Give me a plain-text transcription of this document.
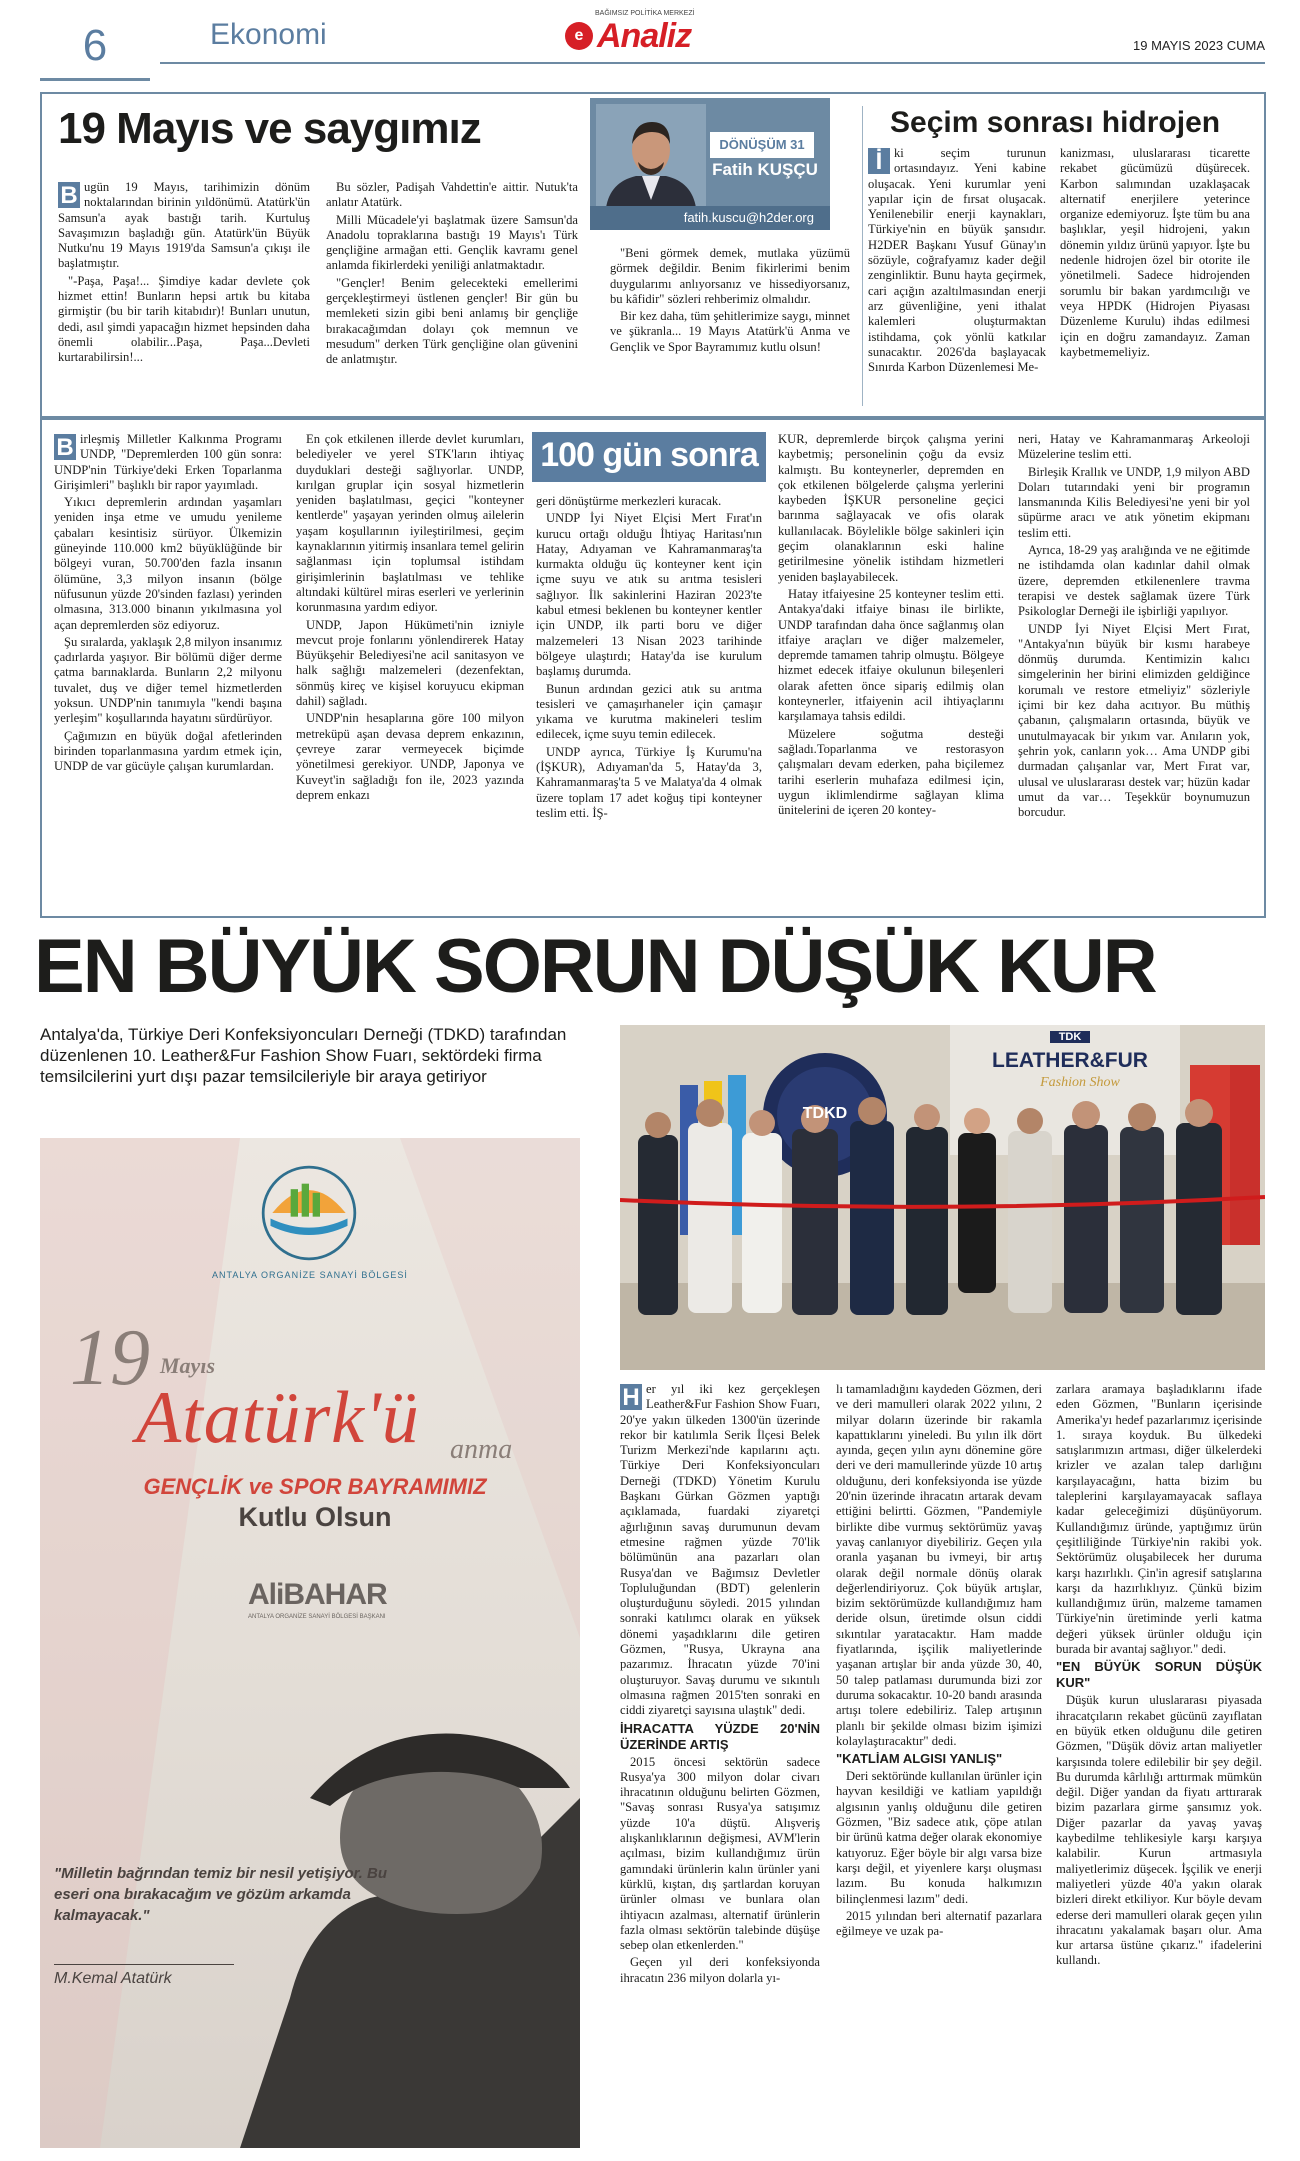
6	Ekonomi	e Analiz
BAĞIMSIZ POLİTİKA MERKEZİ
19 MAYIS 2023 CUMA
19 Mayıs ve saygımız

B ugün 19 Mayıs, tarihimizin dönüm noktalarından birinin yıldönümü. Atatürk'ün Samsun'a ayak bastığı tarih. Kurtuluş Savaşımızın başladığı gün. Atatürk'ün Büyük Nutku'nu 19 Mayıs 1919'da Samsun'a çıkışı ile başlatmıştır.

"-Paşa, Paşa!... Şimdiye kadar devlete çok hizmet ettin! Bunların hepsi artık bu kitaba girmiştir (bu bir tarih kitabıdır)! Bunları unutun, dedi, asıl şimdi yapacağın hizmet hepsinden daha önemli olabilir...Paşa, Paşa...Devleti kurtarabilirsin!...

Bu sözler, Padişah Vahdettin'e aittir. Nutuk'ta anlatır Atatürk.

Milli Mücadele'yi başlatmak üzere Samsun'da Anadolu topraklarına bastığı 19 Mayıs'ı Türk gençliğine armağan etti. Gençlik kavramı genel anlamda fikirlerdeki yeniliği anlatmaktadır.

"Gençler! Benim gelecekteki emellerimi gerçekleştirmeyi üstlenen gençler! Bir gün bu memleketi sizin gibi beni anlamış bir gençliğe bırakacağımdan dolayı çok memnun ve mesudum" derken Türk gençliğine olan güvenini de anlatmıştır.

DÖNÜŞÜM 31
Fatih KUŞÇU
fatih.kuscu@h2der.org

"Beni görmek demek, mutlaka yüzümü görmek değildir. Benim fikirlerimi benim duygularımı anlıyorsanız ve hissediyorsanız, bu kâfidir" sözleri rehberimiz olmalıdır.

Bir kez daha, tüm şehitlerimize saygı, minnet ve şükranla... 19 Mayıs Atatürk'ü Anma ve Gençlik ve Spor Bayramımız kutlu olsun!

Seçim sonrası hidrojen

İ ki seçim turunun ortasındayız. Yeni kabine oluşacak. Yeni kurumlar yeni yapılar için de fırsat oluşacak. Yenilenebilir enerji kaynakları, Türkiye'nin en büyük şansıdır. H2DER Başkanı Yusuf Günay'ın sözüyle, coğrafyamız kader değil zenginliktir. Bunu hayta geçirmek, cari açığın azaltılmasından enerji arz güvenliğine, yeni ithalat kalemleri oluşturmaktan istihdama, çok yönlü katkılar sunacaktır. 2026'da başlayacak Sınırda Karbon Düzenlemesi Me-

kanizması, uluslararası ticarette rekabet gücümüzü düşürecek. Karbon salımından uzaklaşacak alternatif enerjilere yeterince organize edemiyoruz. İşte tüm bu ana başlıklar, yeşil hidrojeni, yakın dönemin yıldız ürünü yapıyor. İşte bu nedenle hidrojen özel bir otorite ile yönetilmeli. Sadece hidrojenden sorumlu bir bakan yardımcılığı ve veya HPDK (Hidrojen Piyasası Düzenleme Kurulu) ihdas edilmesi için en doğru zamandayız. Zaman kaybetmemeliyiz.

B irleşmiş Milletler Kalkınma Programı UNDP, "Depremlerden 100 gün sonra: UNDP'nin Türkiye'deki Erken Toparlanma Girişimleri" başlıklı bir rapor yayımladı.

Yıkıcı depremlerin ardından yaşamları yeniden inşa etme ve umudu yenileme çabaları kesintisiz sürüyor. Ülkemizin güneyinde 110.000 km2 büyüklüğünde bir bölgeyi vuran, 50.700'den fazla insanın ölümüne, 3,3 milyon insanın (bölge nüfusunun yüzde 20'sinden fazlası) yerinden olmasına, 313.000 binanın yıkılmasına yol açan depremlerden söz ediyoruz.

Şu sıralarda, yaklaşık 2,8 milyon insanımız çadırlarda yaşıyor. Bir bölümü diğer derme çatma barınaklarda. Bunların 2,2 milyonu tuvalet, duş ve diğer temel hizmetlerden yoksun. UNDP'nin tanımıyla "kendi başına yerleşim" koşullarında hayatını sürdürüyor.

Çağımızın en büyük doğal afetlerinden birinden toparlanmasına yardım etmek için, UNDP de var gücüyle çalışan kurumlardan.

En çok etkilenen illerde devlet kurumları, belediyeler ve yerel STK'ların ihtiyaç duyduklari desteği sağlıyorlar. UNDP, kırılgan gruplar için sosyal hizmetlerin yeniden başlatılması, geçici "konteyner kentlerde" yaşayan yerinden olmuş ailelerin yaşam koşullarının iyileştirilmesi, geçim kaynaklarının yitirmiş insanlara temel gelirin sağlanması için toplumsal istihdam girişimlerinin başlatılması ve tehlike altındaki kültürel miras eserleri ve yerlerinin korunmasına yardım ediyor.

UNDP, Japon Hükümeti'nin izniyle mevcut proje fonlarını yönlendirerek Hatay Büyükşehir Belediyesi'ne acil sanitasyon ve halk sağlığı malzemeleri (dezenfektan, sönmüş kireç ve kişisel koruyucu ekipman dahil) sağladı.

UNDP'nin hesaplarına göre 100 milyon metreküpü aşan devasa deprem enkazının, çevreye zarar vermeyecek biçimde yönetilmesi gerekiyor. UNDP, Japonya ve Kuveyt'in sağladığı fon ile, 2023 yazında deprem enkazı

100 gün sonra

geri dönüştürme merkezleri kuracak.

UNDP İyi Niyet Elçisi Mert Fırat'ın kurucu ortağı olduğu İhtiyaç Haritası'nın Hatay, Adıyaman ve Kahramanmaraş'ta kurmakta olduğu üç konteyner kent için içme suyu ve atık su arıtma tesisleri sağlıyor. İlk sakinlerini Haziran 2023'te kabul etmesi beklenen bu konteyner kentler için UNDP, ilk parti boru ve diğer malzemeleri 13 Nisan 2023 tarihinde bölgeye ulaştırdı; Hatay'da ise kurulum başlamış durumda.

Bunun ardından gezici atık su arıtma tesisleri ve çamaşırhaneler için çamaşır yıkama ve kurutma makineleri teslim edilecek, içme suyu temin edilecek.

UNDP ayrıca, Türkiye İş Kurumu'na (İŞKUR), Adıyaman'da 5, Hatay'da 3, Kahramanmaraş'ta 5 ve Malatya'da 4 olmak üzere toplam 17 adet koğuş tipi konteyner teslim etti. İŞ-

KUR, depremlerde birçok çalışma yerini kaybetmiş; personelinin çoğu da evsiz kalmıştı. Bu konteynerler, depremden en çok etkilenen bölgelerde çalışma yerlerini kaybeden İŞKUR personeline geçici barınma sağlayacak ve ofis olarak kullanılacak. Böylelikle bölge sakinleri için geçim olanaklarının eski haline getirilmesine yönelik istihdam hizmetleri yeniden başlayabilecek.

Hatay itfaiyesine 25 konteyner teslim etti. Antakya'daki itfaiye binası ile birlikte, UNDP tarafından daha önce sağlanmış olan itfaiye araçları ve diğer malzemeler, depremde tamamen tahrip olmuştu. Bölgeye hizmet edecek itfaiye okulunun bileşenleri olarak afetten önce sipariş edilmiş olan konteynerler, itfaiyenin acil ihtiyaçlarını karşılamaya tahsis edildi.

Müzelere soğutma desteği sağladı.Toparlanma ve restorasyon çalışmaları devam ederken, paha biçilemez tarihi eserlerin muhafaza edilmesi için, uygun iklimlendirme sağlayan klima ünitelerini de içeren 20 kontey-

neri, Hatay ve Kahramanmaraş Arkeoloji Müzelerine teslim etti.

Birleşik Krallık ve UNDP, 1,9 milyon ABD Doları tutarındaki yeni bir programın lansmanında Kilis Belediyesi'ne yeni bir yol süpürme aracı ve atık yönetim ekipmanı teslim etti.

Ayrıca, 18-29 yaş aralığında ve ne eğitimde ne istihdamda olan kadınlar dahil olmak üzere, depremden etkilenenlere travma terapisi ve destek sağlamak üzere Türk Psikologlar Derneği ile işbirliği yapılıyor.

UNDP İyi Niyet Elçisi Mert Fırat, "Antakya'nın büyük bir kısmı harabeye dönmüş durumda. Kentimizin kalıcı simgelerinin her birini elimizden geldiğince korumalı ve restore etmeliyiz" sözleriyle içimi bir kez daha acıtıyor. Bu müthiş çabanın, çalışmaların ortasında, büyük ve unutulmayacak bir yıkım var. Anıların yok, şehrin yok, canların yok… Ama UNDP gibi durmadan çalışanlar var, Mert Fırat var, ulusal ve uluslararası destek var; hüzün kadar umut da var… Teşekkür boynumuzun borcudur.

EN BÜYÜK SORUN DÜŞÜK KUR
Antalya'da, Türkiye Deri Konfeksiyoncuları Derneği (TDKD) tarafından düzenlenen 10. Leather&Fur Fashion Show Fuarı, sektördeki firma temsilcilerini yurt dışı pazar temsilcileriyle bir araya getiriyor
TDK
LEATHER&FUR
Fashion Show
TDKD
ANTALYA ORGANİZE SANAYİ BÖLGESİ
19 Mayıs
Atatürk'ü anma
GENÇLİK ve SPOR BAYRAMIMIZ
Kutlu Olsun
AliBAHAR
ANTALYA ORGANİZE SANAYİ BÖLGESİ BAŞKANI
"Milletin bağrından temiz bir nesil yetişiyor. Bu eseri ona bırakacağım ve gözüm arkamda kalmayacak."
M.Kemal Atatürk

H er yıl iki kez gerçekleşen Leather&Fur Fashion Show Fuarı, 20'ye yakın ülkeden 1300'ün üzerinde rekor bir katılımla Serik İlçesi Belek Turizm Merkezi'nde kapılarını açtı. Türkiye Deri Konfeksiyoncuları Derneği (TDKD) Yönetim Kurulu Başkanı Gürkan Gözmen yaptığı açıklamada, fuardaki ziyaretçi ağırlığının savaş durumunun devam etmesine rağmen yüzde 70'lik bölümünün ana pazarları olan Rusya'dan ve Bağımsız Devletler Topluluğundan (BDT) gelenlerin oluşturduğunu söyledi. 2015 yılından sonraki katılımcı olarak en yüksek dönemi yaşadıklarını dile getiren Gözmen, "Rusya, Ukrayna ana pazarımız. İhracatın yüzde 70'ini oluşturuyor. Savaş durumu ve sıkıntılı olmasına rağmen 2015'ten sonraki en ciddi ziyaretçi sayısına ulaştık" dedi.

İHRACATTA YÜZDE 20'NİN ÜZERİNDE ARTIŞ

2015 öncesi sektörün sadece Rusya'ya 300 milyon dolar civarı ihracatının olduğunu belirten Gözmen, "Savaş sonrası Rusya'ya satışımız yüzde 10'a düştü. Alışveriş alışkanlıklarının değişmesi, AVM'lerin açılması, bizim kullandığımız ürün gamındaki ürünlerin kalın ürünler yani kürklü, kıştan, dış şartlardan koruyan ürünler olması ve bunlara olan ihtiyacın azalması, alternatif ürünlerin fazla olması sektörün talebinde düşüşe sebep olan etkenlerden."

Geçen yıl deri konfeksiyonda ihracatın 236 milyon dolarla yı-

lı tamamladığını kaydeden Gözmen, deri ve deri mamulleri olarak 2022 yılını, 2 milyar doların üzerinde bir rakamla kapattıklarını yineledi. Bu yılın ilk dört ayında, geçen yılın aynı dönemine göre deri ve deri mamullerinde yüzde 10 artış olduğunu, deri konfeksiyonda ise yüzde 20'nin üzerinde ihracatın artarak devam ettiğini belirtti. Gözmen, "Pandemiyle birlikte dibe vurmuş sektörümüz yavaş yavaş canlanıyor diyebiliriz. Geçen yıla oranla yaşanan bu ivmeyi, bir artış olarak değil normale dönüş olarak değerlendiriyoruz. Çok büyük artışlar, bizim sektörümüzde kullandığımız ham deride olsun, üretimde olsun ciddi sıkıntılar yaratacaktır. Ham madde fiyatlarında, işçilik maliyetlerinde yaşanan artışlar bir anda yüzde 30, 40, 50 talep patlaması durumunda bizi zor duruma sokacaktır. 10-20 bandı arasında artışı tolere edebiliriz. Talep artışının planlı bir şekilde olması bizim işimizi kolaylaştıracaktır" dedi.

"KATLİAM ALGISI YANLIŞ"

Deri sektöründe kullanılan ürünler için hayvan kesildiği ve katliam yapıldığı algısının yanlış olduğunu dile getiren Gözmen, "Biz sadece atık, çöpe atılan bir ürünü katma değer olarak ekonomiye katıyoruz. Eğer böyle bir algı varsa bize karşı değil, et yiyenlere karşı oluşması lazım. Bu konuda halkımızın bilinçlenmesi lazım" dedi.

2015 yılından beri alternatif pazarlara eğilmeye ve uzak pa-

zarlara aramaya başladıklarını ifade eden Gözmen, "Bunların içerisinde Amerika'yı hedef pazarlarımız içerisinde 1. sıraya koyduk. Bu ülkedeki satışlarımızın artması, diğer ülkelerdeki krizler ve azalan talep darlığını karşılayacağını, hatta bizim bu taleplerini karşılayamayacak saflaya kadar geleceğimizi düşünüyorum. Kullandığımız üründe, yaptığımız ürün çeşitliliğinde Türkiye'nin rakibi yok. Sektörümüz oluşabilecek her duruma karşı hazırlıklı. Çin'in agresif satışlarına karşı da hazırlıklıyız. Çünkü bizim kullandığımız ürün, malzeme tamamen Türkiye'nin üretiminde yerli katma değeri yüksek ürünler olduğu için burada bir avantaj sağlıyor." dedi.

"EN BÜYÜK SORUN DÜŞÜK KUR"

Düşük kurun uluslararası piyasada ihracatçıların rekabet gücünü zayıflatan en büyük etken olduğunu dile getiren Gözmen, "Düşük döviz artan maliyetler karşısında tolere edilebilir bir şey değil. Bu durumda kârlılığı arttırmak mümkün değil. Diğer yandan da fiyatı arttırarak bizim pazarlara girme şansımız yok. Diğer pazarlar da yavaş yavaş kaybedilme tehlikesiyle karşı karşıya kalabilir. Kurun artmasıyla maliyetlerimiz düşecek. İşçilik ve enerji maliyetleri yüzde 40'a yakın olarak bizleri direkt etkiliyor. Kur böyle devam ederse deri mamulleri olarak geçen yılın ihracatını yakalamak başarı olur. Ama kur artarsa üstüne çıkarız." ifadelerini kullandı.
